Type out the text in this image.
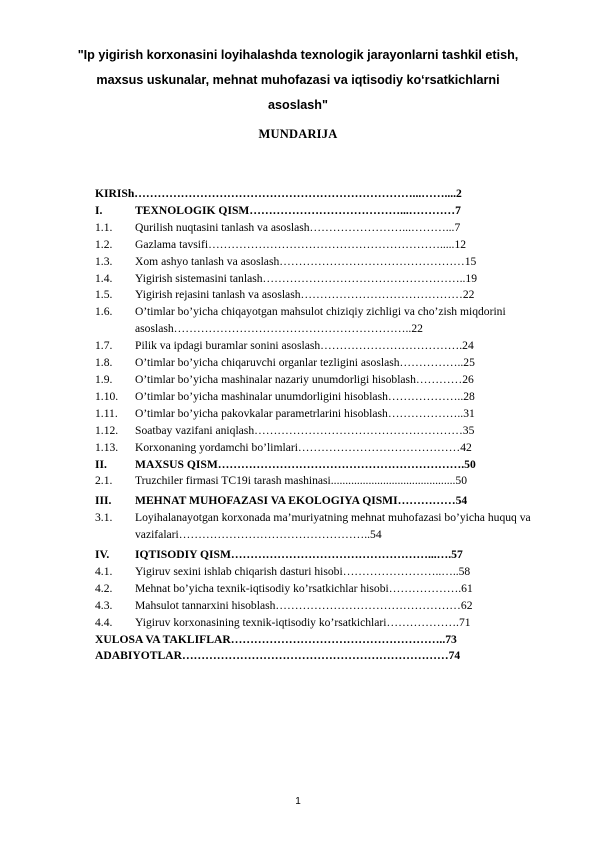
"Ip yigirish korxonasini loyihalashda texnologik jarayonlarni tashkil etish, maxsus uskunalar, mehnat muhofazasi va iqtisodiy ko‘rsatkichlarni asoslash"
MUNDARIJA
KIRISh………………………………………………………………...……....2
I.	TEXNOLOGIK QISM…………………………………...…………7
1.1.	Qurilish nuqtasini tanlash va asoslash……………………...………...7
1.2.	Gazlama tavsifi…………………………………………………….....12
1.3.	Xom ashyo tanlash va asoslash…………………………………………15
1.4.	Yigirish sistemasini tanlash……………………………………………..19
1.5.	Yigirish rejasini tanlash va asoslash……………………………………22
1.6.	O’timlar bo’yicha chiqayotgan mahsulot chiziqiy zichligi va cho’zish miqdorini asoslash……………………………………………………..22
1.7.	Pilik va ipdagi buramlar sonini asoslash……………………………….24
1.8.	O’timlar bo’yicha chiqaruvchi organlar tezligini asoslash……………..25
1.9.	O’timlar bo’yicha mashinalar nazariy unumdorligi hisoblash…………26
1.10.	O’timlar bo’yicha mashinalar unumdorligini hisoblash………………..28
1.11.	O’timlar bo’yicha pakovkalar parametrlarini hisoblash………………..31
1.12.	Soatbay vazifani aniqlash………………………………………………35
1.13.	Korxonaning yordamchi bo’limlari……………………………………42
II.	MAXSUS QISM……………………………………………………….50
2.1.	Truzchiler firmasi TC19i tarash mashinasi...........................................50
III.	MEHNAT MUHOFAZASI VA EKOLOGIYA QISMI……………54
3.1.	Loyihalanayotgan korxonada ma’muriyatning mehnat muhofazasi bo’yicha huquq va vazifalari…………………………………………..54
IV.	IQTISODIY QISM……………………………………………...….57
4.1.	Yigiruv sexini ishlab chiqarish dasturi hisobi……………………..…..58
4.2.	Mehnat bo’yicha texnik-iqtisodiy ko’rsatkichlar hisobi……………….61
4.3.	Mahsulot tannarxini hisoblash…………………………………………62
4.4.	Yigiruv korxonasining texnik-iqtisodiy ko’rsatkichlari……………….71
XULOSA VA TAKLIFLAR………………………………………………..73
ADABIYOTLAR……………………………………………………………74
1
